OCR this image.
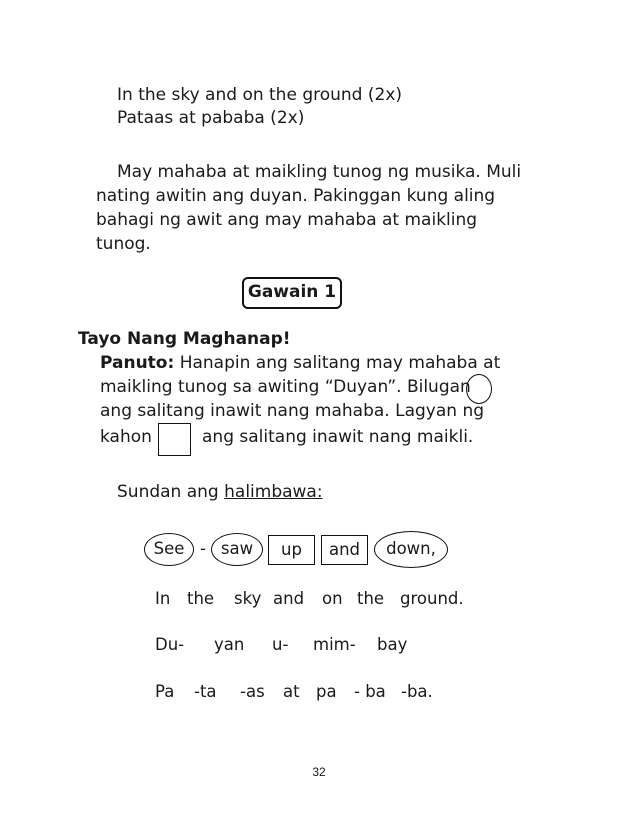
In the sky and on the ground (2x)
Pataas at pababa (2x)
May mahaba at maikling tunog ng musika. Muli
nating awitin ang duyan. Pakinggan kung aling
bahagi ng awit ang may mahaba at maikling
tunog.
Gawain 1
Tayo Nang Maghanap!
Panuto: Hanapin ang salitang may mahaba at
maikling tunog sa awiting “Duyan”. Bilugan
ang salitang inawit nang mahaba. Lagyan ng
kahon	ang salitang inawit nang maikli.
Sundan ang halimbawa:
See - saw	up	and	down,
In the sky and on the ground.
Du- yan u- mim- bay
Pa -ta -as at pa - ba -ba.
32
